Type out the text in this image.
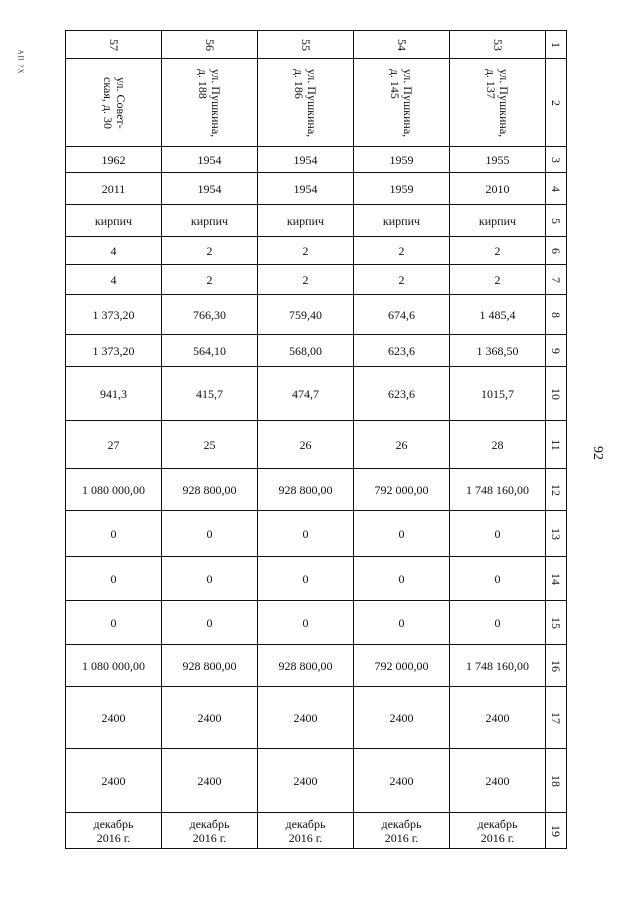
АП ?Х
92
57	56	55	54	53	1
ул. Совет-
ская, д. 30	ул. Пушкина,
д. 188	ул. Пушкина,
д. 186	ул. Пушкина,
д. 145	ул. Пушкина,
д. 137	2
1962	1954	1954	1959	1955	3
2011	1954	1954	1959	2010	4
кирпич	кирпич	кирпич	кирпич	кирпич	5
4	2	2	2	2	6
4	2	2	2	2	7
1 373,20	766,30	759,40	674,6	1 485,4	8
1 373,20	564,10	568,00	623,6	1 368,50	9
941,3	415,7	474,7	623,6	1015,7	10
27	25	26	26	28	11
1 080 000,00	928 800,00	928 800,00	792 000,00	1 748 160,00	12
0	0	0	0	0	13
0	0	0	0	0	14
0	0	0	0	0	15
1 080 000,00	928 800,00	928 800,00	792 000,00	1 748 160,00	16
2400	2400	2400	2400	2400	17
2400	2400	2400	2400	2400	18
декабрь
2016 г.	декабрь
2016 г.	декабрь
2016 г.	декабрь
2016 г.	декабрь
2016 г.	19
